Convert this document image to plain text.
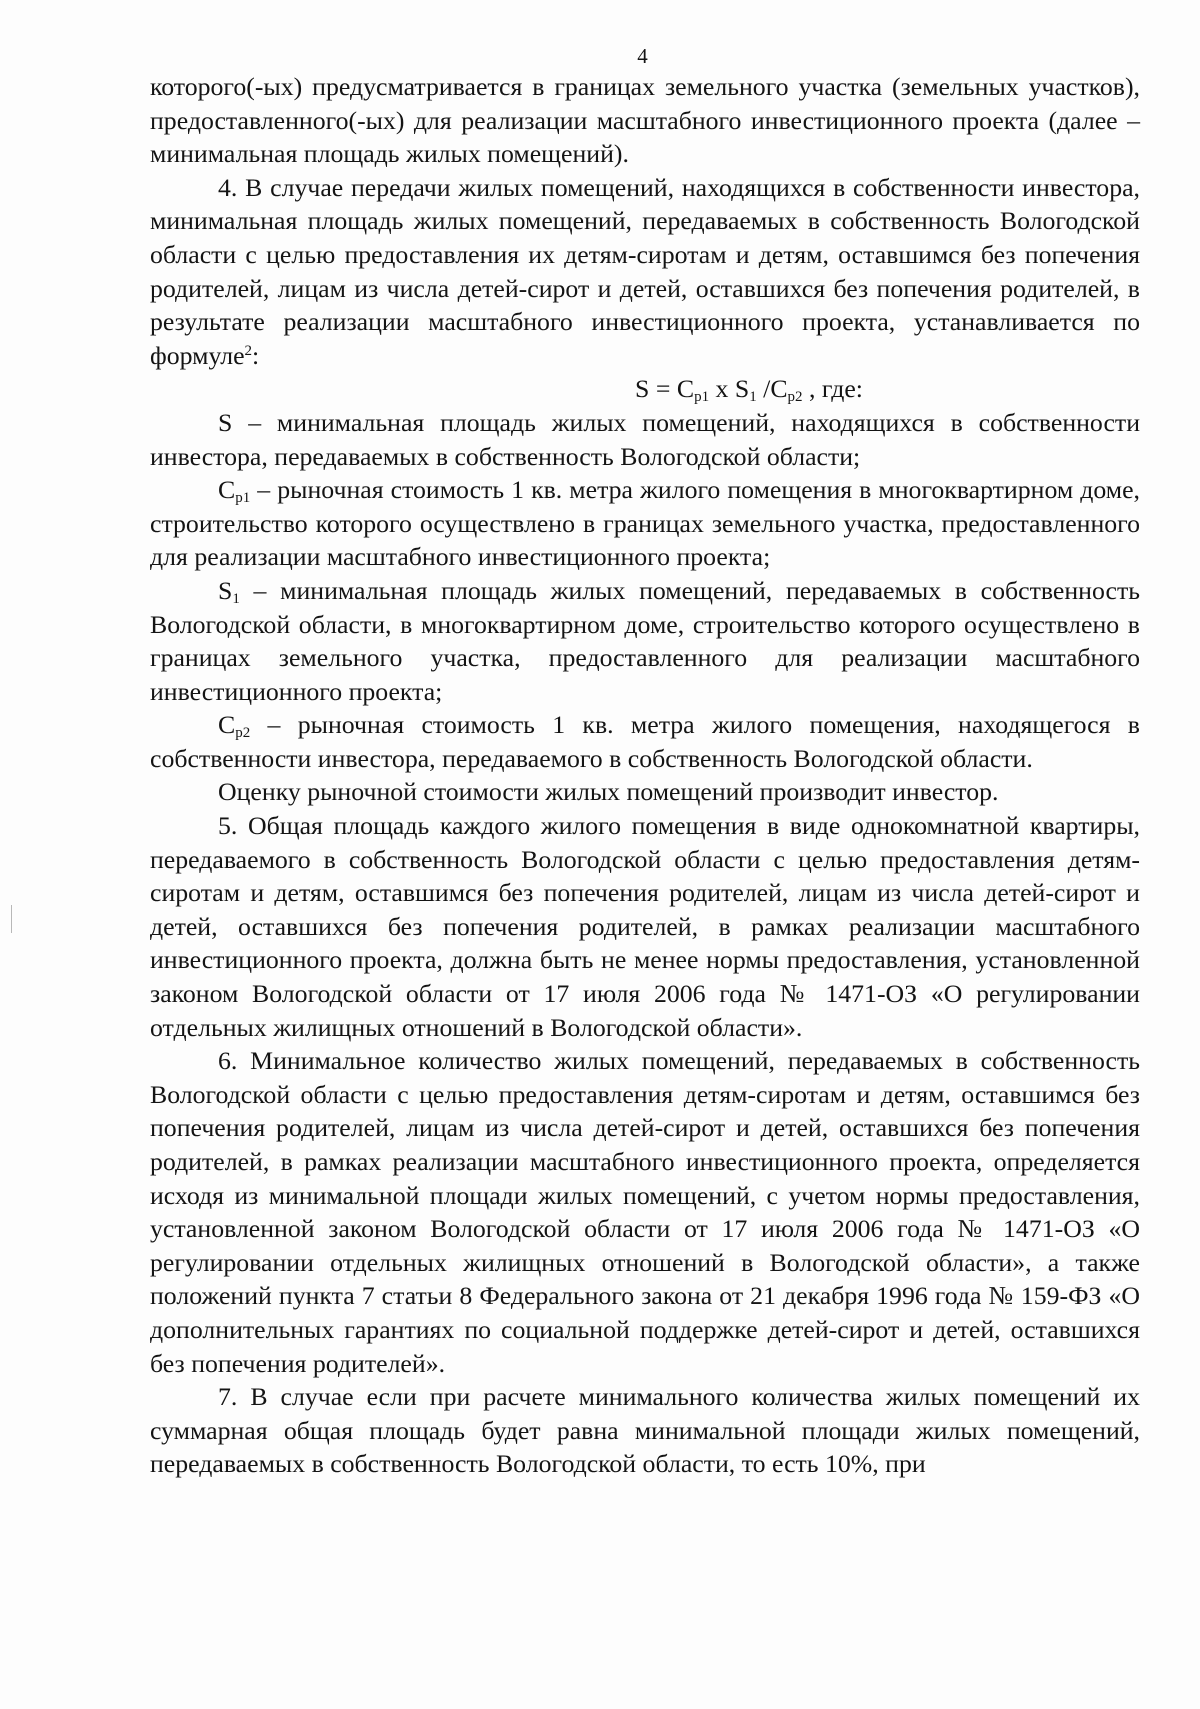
4

которого(-ых) предусматривается в границах земельного участка (земельных участков), предоставленного(-ых) для реализации масштабного инвестиционного проекта (далее – минимальная площадь жилых помещений).

4. В случае передачи жилых помещений, находящихся в собственности инвестора, минимальная площадь жилых помещений, передаваемых в собственность Вологодской области с целью предоставления их детям-сиротам и детям, оставшимся без попечения родителей, лицам из числа детей-сирот и детей, оставшихся без попечения родителей, в результате реализации масштабного инвестиционного проекта, устанавливается по формуле$^2$:

$S = C_{p1}$ x $S_1$ $/C_{p2}$ , где:

S – минимальная площадь жилых помещений, находящихся в собственности инвестора, передаваемых в собственность Вологодской области;

$C_{p1}$ – рыночная стоимость 1 кв. метра жилого помещения в многоквартирном доме, строительство которого осуществлено в границах земельного участка, предоставленного для реализации масштабного инвестиционного проекта;

$S_1$ – минимальная площадь жилых помещений, передаваемых в собственность Вологодской области, в многоквартирном доме, строительство которого осуществлено в границах земельного участка, предоставленного для реализации масштабного инвестиционного проекта;

$C_{p2}$ – рыночная стоимость 1 кв. метра жилого помещения, находящегося в собственности инвестора, передаваемого в собственность Вологодской области.

Оценку рыночной стоимости жилых помещений производит инвестор.

5. Общая площадь каждого жилого помещения в виде однокомнатной квартиры, передаваемого в собственность Вологодской области с целью предоставления детям-сиротам и детям, оставшимся без попечения родителей, лицам из числа детей-сирот и детей, оставшихся без попечения родителей, в рамках реализации масштабного инвестиционного проекта, должна быть не менее нормы предоставления, установленной законом Вологодской области от 17 июля 2006 года № 1471-ОЗ «О регулировании отдельных жилищных отношений в Вологодской области».

6. Минимальное количество жилых помещений, передаваемых в собственность Вологодской области с целью предоставления детям-сиротам и детям, оставшимся без попечения родителей, лицам из числа детей-сирот и детей, оставшихся без попечения родителей, в рамках реализации масштабного инвестиционного проекта, определяется исходя из минимальной площади жилых помещений, с учетом нормы предоставления, установленной законом Вологодской области от 17 июля 2006 года № 1471-ОЗ «О регулировании отдельных жилищных отношений в Вологодской области», а также положений пункта 7 статьи 8 Федерального закона от 21 декабря 1996 года № 159-ФЗ «О дополнительных гарантиях по социальной поддержке детей-сирот и детей, оставшихся без попечения родителей».

7. В случае если при расчете минимального количества жилых помещений их суммарная общая площадь будет равна минимальной площади жилых помещений, передаваемых в собственность Вологодской области, то есть 10%, при
